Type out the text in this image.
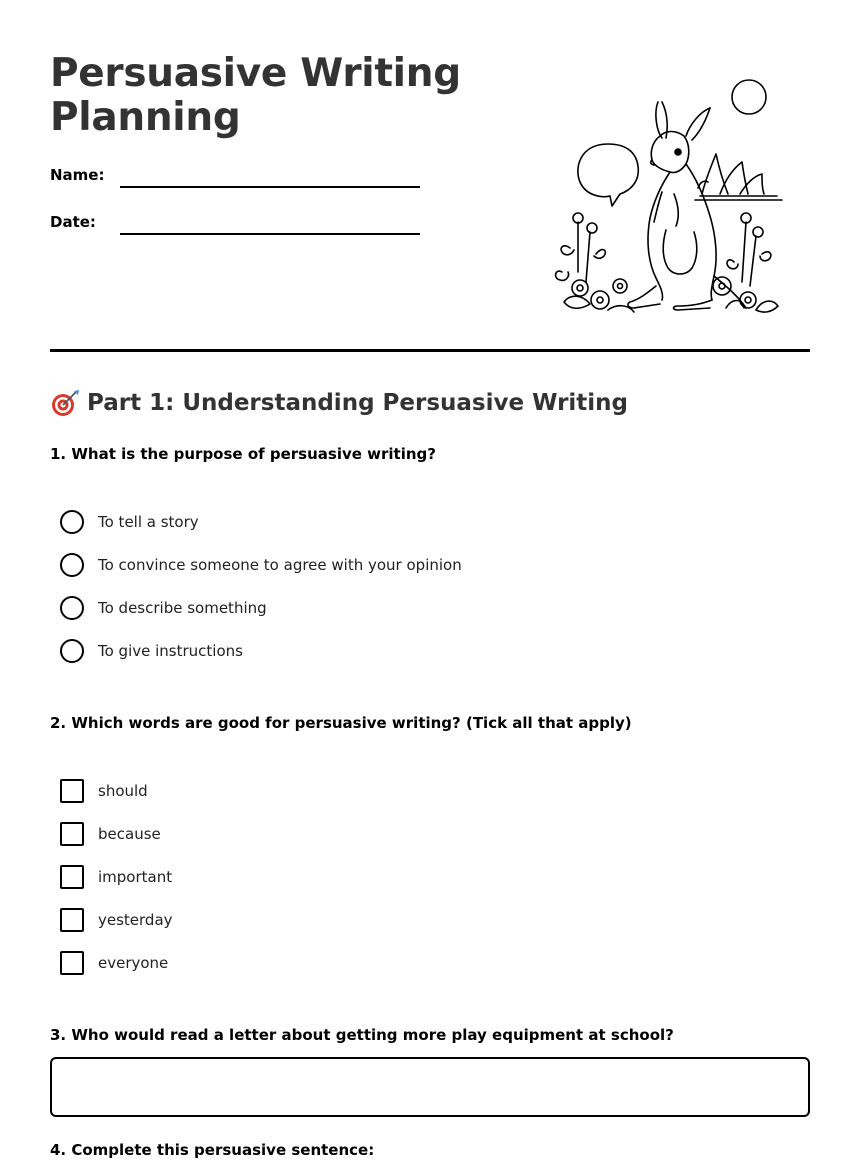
Persuasive Writing Planning
Name:
Date:
Part 1: Understanding Persuasive Writing

1. What is the purpose of persuasive writing?

To tell a story
To convince someone to agree with your opinion
To describe something
To give instructions

2. Which words are good for persuasive writing? (Tick all that apply)

should
because
important
yesterday
everyone

3. Who would read a letter about getting more play equipment at school?

4. Complete this persuasive sentence:
